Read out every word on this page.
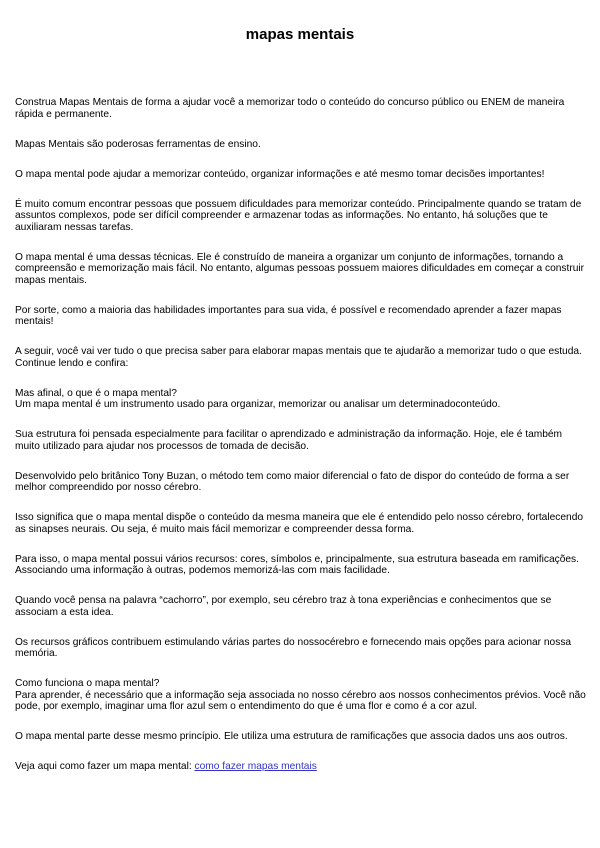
mapas mentais

Construa Mapas Mentais de forma a ajudar você a memorizar todo o conteúdo do concurso público ou ENEM de maneira rápida e permanente.

Mapas Mentais são poderosas ferramentas de ensino.

O mapa mental pode ajudar a memorizar conteúdo, organizar informações e até mesmo tomar decisões importantes!

É muito comum encontrar pessoas que possuem dificuldades para memorizar conteúdo. Principalmente quando se tratam de assuntos complexos, pode ser difícil compreender e armazenar todas as informações. No entanto, há soluções que te auxiliaram nessas tarefas.

O mapa mental é uma dessas técnicas. Ele é construído de maneira a organizar um conjunto de informações, tornando a compreensão e memorização mais fácil. No entanto, algumas pessoas possuem maiores dificuldades em começar a construir mapas mentais.

Por sorte, como a maioria das habilidades importantes para sua vida, é possível e recomendado aprender a fazer mapas mentais!

A seguir, você vai ver tudo o que precisa saber para elaborar mapas mentais que te ajudarão a memorizar tudo o que estuda. Continue lendo e confira:

Mas afinal, o que é o mapa mental?

Um mapa mental é um instrumento usado para organizar, memorizar ou analisar um determinadoconteúdo.

Sua estrutura foi pensada especialmente para facilitar o aprendizado e administração da informação. Hoje, ele é também muito utilizado para ajudar nos processos de tomada de decisão.

Desenvolvido pelo britânico Tony Buzan, o método tem como maior diferencial o fato de dispor do conteúdo de forma a ser melhor compreendido por nosso cérebro.

Isso significa que o mapa mental dispõe o conteúdo da mesma maneira que ele é entendido pelo nosso cérebro, fortalecendo as sinapses neurais. Ou seja, é muito mais fácil memorizar e compreender dessa forma.

Para isso, o mapa mental possui vários recursos: cores, símbolos e, principalmente, sua estrutura baseada em ramificações. Associando uma informação à outras, podemos memorizá-las com mais facilidade.

Quando você pensa na palavra “cachorro”, por exemplo, seu cérebro traz à tona experiências e conhecimentos que se associam a esta idea.

Os recursos gráficos contribuem estimulando várias partes do nossocérebro e fornecendo mais opções para acionar nossa memória.

Como funciona o mapa mental?

Para aprender, é necessário que a informação seja associada no nosso cérebro aos nossos conhecimentos prévios. Você não pode, por exemplo, imaginar uma flor azul sem o entendimento do que é uma flor e como é a cor azul.

O mapa mental parte desse mesmo princípio. Ele utiliza uma estrutura de ramificações que associa dados uns aos outros.

Veja aqui como fazer um mapa mental: como fazer mapas mentais
